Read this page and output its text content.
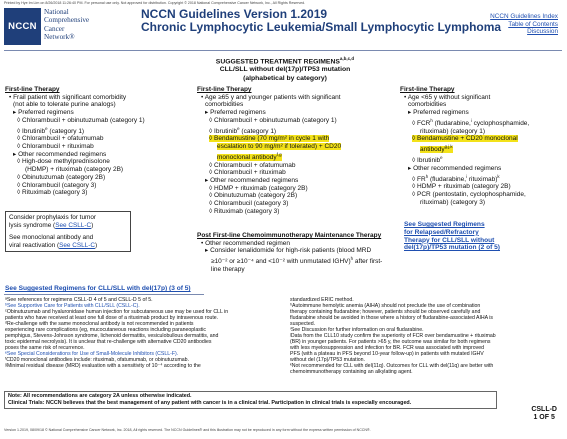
Printed by Hye Im Lim on 8/26/2018 11:26:40 PM. For personal use only. Not approved for distribution. Copyright © 2018 National Comprehensive Cancer Network, Inc., All Rights Reserved.
NCCN
National
Comprehensive
Cancer
Network®
NCCN Guidelines Version 1.2019
Chronic Lymphocytic Leukemia/Small Lymphocytic Lymphoma
NCCN Guidelines Index
Table of Contents
Discussion
SUGGESTED TREATMENT REGIMENS$^{a,b,c,d}$
CLL/SLL without del(17p)/TP53 mutation
(alphabetical by category)
First-line Therapy
• Frail patient with significant comorbidity
(not able to tolerate purine analogs)
▸ Preferred regimens
◊ Chlorambucil + obinutuzumab (category 1)
◊ Ibrutinib$^e$ (category 1)
◊ Chlorambucil + ofatumumab
◊ Chlorambucil + rituximab
▸ Other recommended regimens
◊ High-dose methylprednisolone
(HDMP) + rituximab (category 2B)
◊ Obinutuzumab (category 2B)
◊ Chlorambucil (category 3)
◊ Rituximab (category 3)
Consider prophylaxis for tumor
lysis syndrome (See CSLL-C)
See monoclonal antibody and
viral reactivation (See CSLL-C)
First-line Therapy
• Age ≥65 y and younger patients with significant
comorbidities
▸ Preferred regimens
◊ Chlorambucil + obinutuzumab (category 1)
◊ Ibrutinib$^e$ (category 1)
◊ Bendamustine (70 mg/m² in cycle 1 with
escalation to 90 mg/m² if tolerated) + CD20
monoclonal antibody$^{f,g}$
◊ Chlorambucil + ofatumumab
◊ Chlorambucil + rituximab
▸ Other recommended regimens
◊ HDMP + rituximab (category 2B)
◊ Obinutuzumab (category 2B)
◊ Chlorambucil (category 3)
◊ Rituximab (category 3)
Post First-line Chemoimmunotherapy Maintenance Therapy
• Other recommended regimen
▸ Consider lenalidomide for high-risk patients (blood MRD
≥10⁻² or ≥10⁻⁴ and <10⁻² with unmutated IGHV)$^h$ after first-
line therapy
First-line Therapy
• Age <65 y without significant
comorbidities
▸ Preferred regimens
◊ FCR$^h$ (fludarabine,$^i$ cyclophosphamide,
rituximab) (category 1)
◊ Bendamustine + CD20 monoclonal
antibody$^{g,j,k}$
◊ Ibrutinib$^e$
▸ Other recommended regimens
◊ $FR^h$ (fludarabine,$^i$ rituximab)$^k$
◊ HDMP + rituximab (category 2B)
◊ PCR (pentostatin, cyclophosphamide,
rituximab) (category 3)
See Suggested Regimens
for Relapsed/Refractory
Therapy for CLL/SLL without
del(17p)/TP53 mutation (2 of 5)
See Suggested Regimens for CLL/SLL with del(17p) (3 of 5)
ᵃSee references for regimens CSLL-D 4 of 5 and CSLL-D 5 of 5.
ᵇSee Supportive Care for Patients with CLL/SLL (CSLL-C).
ᶜObinutuzumab and hyaluronidase human injection for subcutaneous use may be used for CLL in
patients who have received at least one full dose of a rituximab product by intravenous route.
ᵈRe-challenge with the same monoclonal antibody is not recommended in patients
experiencing rare complications (eg, mucocutaneous reactions including paraneoplastic
pemphigus, Stevens-Johnson syndrome, lichenoid dermatitis, vesiculobullous dermatitis, and
toxic epidermal necrolysis). It is unclear that re-challenge with alternative CD20 antibodies
poses the same risk of recurrence.
ᵉSee Special Considerations for Use of Small-Molecule Inhibitors (CSLL-F).
ᶠCD20 monoclonal antibodies include: rituximab, ofatumumab, or obinutuzumab.
ᵍMinimal residual disease (MRD) evaluation with a sensitivity of 10⁻⁴ according to the
standardized ERIC method.
ʰAutoimmune hemolytic anemia (AIHA) should not preclude the use of combination
therapy containing fludarabine; however, patients should be observed carefully and
fludarabine should be avoided in those where a history of fludarabine-associated AIHA is
suspected.
ⁱSee Discussion for further information on oral fludarabine.
ʲData from the CLL10 study confirm the superiority of FCR over bendamustine + rituximab
(BR) in younger patients. For patients >65 y, the outcome was similar for both regimens
with less myelosuppression and infection for BR. FCR was associated with improved
PFS (with a plateau in PFS beyond 10-year follow-up) in patients with mutated IGHV
without del (17p)/TP53 mutation.
ᵏNot recommended for CLL with del(11q). Outcomes for CLL with del(11q) are better with
chemoimmunotherapy containing an alkylating agent.
Note: All recommendations are category 2A unless otherwise indicated.
Clinical Trials: NCCN believes that the best management of any patient with cancer is in a clinical trial. Participation in clinical trials is especially encouraged.
CSLL-D
1 OF 5
Version 1.2019, 08/09/18 © National Comprehensive Cancer Network, Inc. 2018, All rights reserved. The NCCN Guidelines® and this illustration may not be reproduced in any form without the express written permission of NCCN®.
